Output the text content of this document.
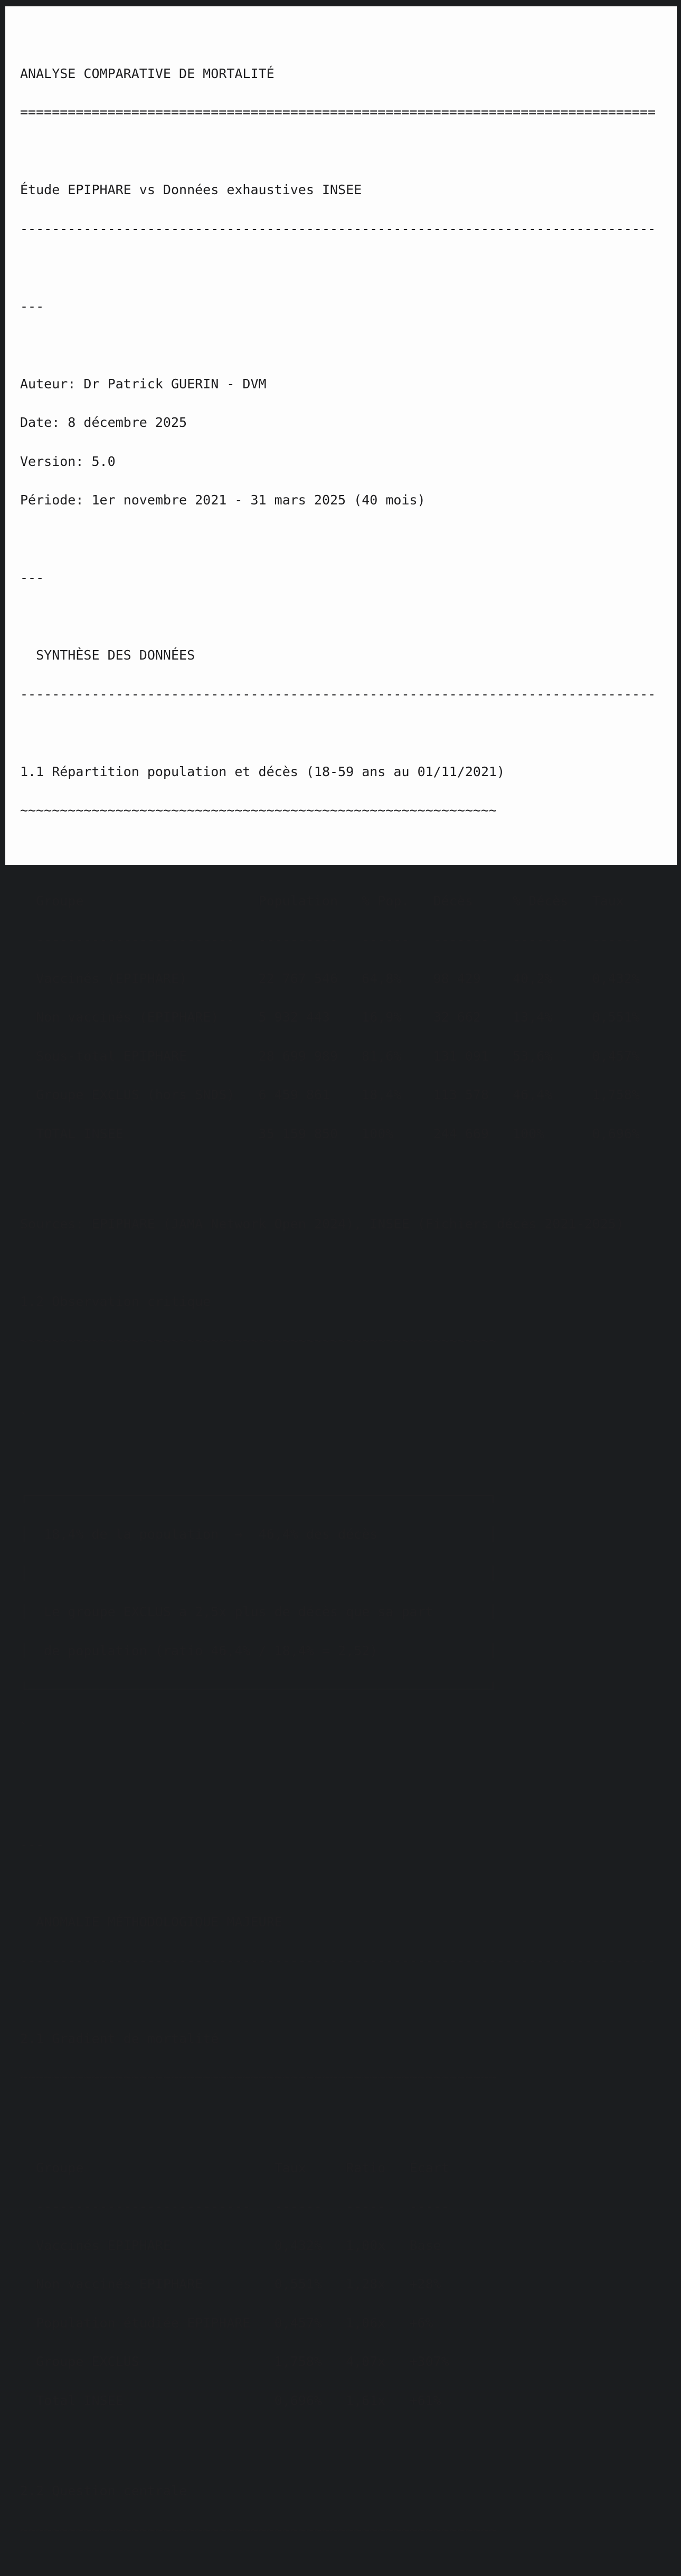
ANALYSE COMPARATIVE DE MORTALITÉ

================================================================================

Étude EPIPHARE vs Données exhaustives INSEE

--------------------------------------------------------------------------------

---

Auteur: Dr Patrick GUERIN - DVM

Date: 8 décembre 2025

Version: 5.0

Période: 1er novembre 2021 - 31 mars 2025 (40 mois)

---

SYNTHÈSE DES DONNÉES

--------------------------------------------------------------------------------

1.1 Répartition population et décès (18-59 ans au 01/11/2021)

~~~~~~~~~~~~~~~~~~~~~~~~~~~~~~~~~~~~~~~~~~~~~~~~~~~~~~~~~~~~

Groupe	Population % Pop. Décès	% Décès Taux

------------------------- ---------- ------ ------- ------- ------

Vaccinés (EPIPHARE)	22 767 546 64,8% 98 429 40,2%	0,432%

Non vaccinés (EPIPHARE)	5 932 443 16,9% 32 662 13,4%	0,551%

Sous-total EPIPHARE	28 699 989 81,6% 131 091 53,6%	0,457%

Groupe EXCLUS (hors SNDS) 6 459 861 18,4% 113 578 46,4%	1,758%

TOTAL INSEE	35 159 850 100%	244 669 100%	0,696%

Sources: EPIPHARE (JAMA Network Open 2024), INSEE (Fichiers décès 2021-2025)

1.2 Observation critique

~~~~~~~~~~~~~~~~~~~~~~~~~~~~~~~~~~~~~~~~~~~~~~~~~~~~~~~~~~~~

`

┌──────────────────────────────────────────────────────────┐

│  18,4% de la population  →  46,4% des décès              │

│                                                          │

│  Le groupe EXCLUS a 2,5x plus de décès que sa part       │

│  de population (ratio 46,4% / 18,4% = 2,52)              │

└──────────────────────────────────────────────────────────┘

`

---

ANOMALIE MÉTHODOLOGIQUE MAJEURE

--------------------------------------------------------------------------------

2.1 Gradient de mortalité

~~~~~~~~~~~~~~~~~~~~~~~~~~~~~~~~~~~~~~~~~~~~~~~~~~~~~~~~~~~~

Groupe	Taux	Ratio Écart

--------------------------- ------ ----- -----

Vaccinés EPIPHARE	0,432% 1,00x Base

Non vaccinés EPIPHARE	0,551% 1,28x +28%

Population étudiée EPIPHARE 0,457% 1,06x +6%

Groupe EXCLUS	1,758% 4,07x +307%

Total INSEE	0,696% 1,61x +61%

2.2 Question centrale

~~~~~~~~~~~~~~~~~~~~~~~~~~~~~~~~~~~~~~~~~~~~~~~~~~~~~~~~~~~~
